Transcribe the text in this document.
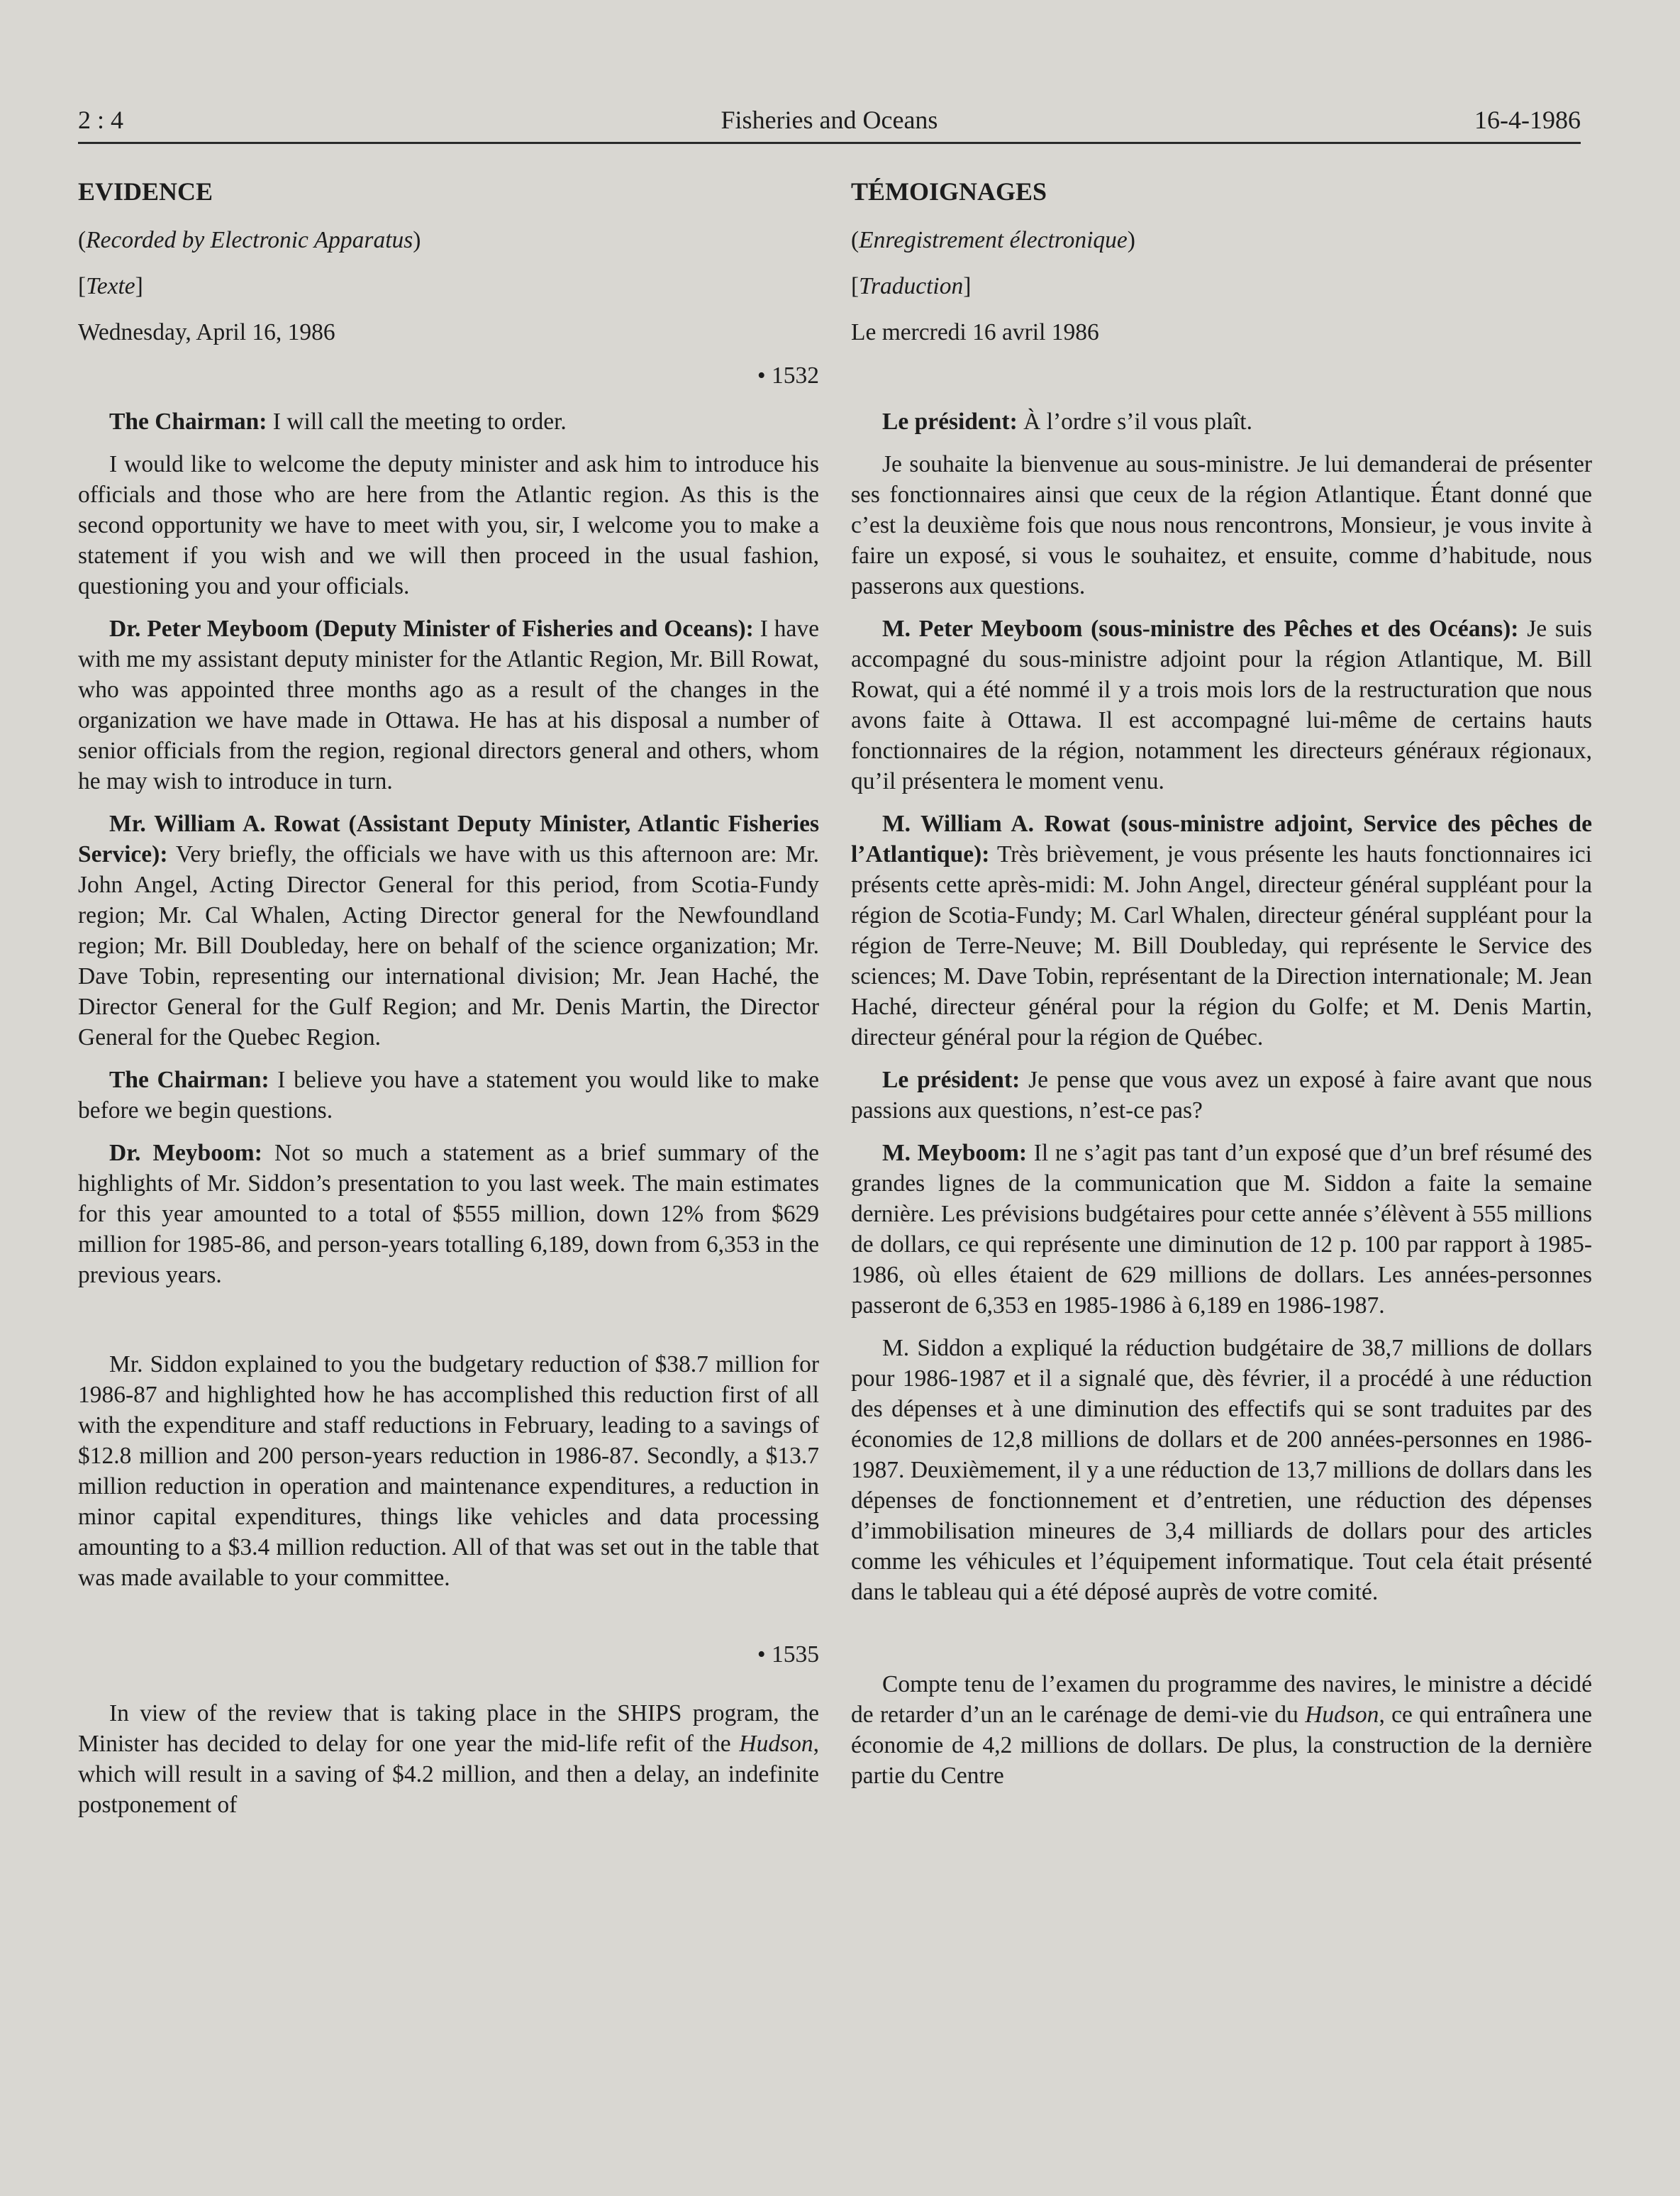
2 : 4	Fisheries and Oceans	16-4-1986

EVIDENCE

(Recorded by Electronic Apparatus)

[Texte]

Wednesday, April 16, 1986

• 1532

The Chairman: I will call the meeting to order.

I would like to welcome the deputy minister and ask him to introduce his officials and those who are here from the Atlantic region. As this is the second opportunity we have to meet with you, sir, I welcome you to make a statement if you wish and we will then proceed in the usual fashion, questioning you and your officials.

Dr. Peter Meyboom (Deputy Minister of Fisheries and Oceans): I have with me my assistant deputy minister for the Atlantic Region, Mr. Bill Rowat, who was appointed three months ago as a result of the changes in the organization we have made in Ottawa. He has at his disposal a number of senior officials from the region, regional directors general and others, whom he may wish to introduce in turn.

Mr. William A. Rowat (Assistant Deputy Minister, Atlantic Fisheries Service): Very briefly, the officials we have with us this afternoon are: Mr. John Angel, Acting Director General for this period, from Scotia-Fundy region; Mr. Cal Whalen, Acting Director general for the Newfoundland region; Mr. Bill Doubleday, here on behalf of the science organization; Mr. Dave Tobin, representing our international division; Mr. Jean Haché, the Director General for the Gulf Region; and Mr. Denis Martin, the Director General for the Quebec Region.

The Chairman: I believe you have a statement you would like to make before we begin questions.

Dr. Meyboom: Not so much a statement as a brief summary of the highlights of Mr. Siddon’s presentation to you last week. The main estimates for this year amounted to a total of $555 million, down 12% from $629 million for 1985-86, and person-years totalling 6,189, down from 6,353 in the previous years.

Mr. Siddon explained to you the budgetary reduction of $38.7 million for 1986-87 and highlighted how he has accomplished this reduction first of all with the expenditure and staff reductions in February, leading to a savings of $12.8 million and 200 person-years reduction in 1986-87. Secondly, a $13.7 million reduction in operation and maintenance expenditures, a reduction in minor capital expenditures, things like vehicles and data processing amounting to a $3.4 million reduction. All of that was set out in the table that was made available to your committee.

• 1535

In view of the review that is taking place in the SHIPS program, the Minister has decided to delay for one year the mid-life refit of the Hudson, which will result in a saving of $4.2 million, and then a delay, an indefinite postponement of

TÉMOIGNAGES

(Enregistrement électronique)

[Traduction]

Le mercredi 16 avril 1986

Le président: À l’ordre s’il vous plaît.

Je souhaite la bienvenue au sous-ministre. Je lui demanderai de présenter ses fonctionnaires ainsi que ceux de la région Atlantique. Étant donné que c’est la deuxième fois que nous nous rencontrons, Monsieur, je vous invite à faire un exposé, si vous le souhaitez, et ensuite, comme d’habitude, nous passerons aux questions.

M. Peter Meyboom (sous-ministre des Pêches et des Océans): Je suis accompagné du sous-ministre adjoint pour la région Atlantique, M. Bill Rowat, qui a été nommé il y a trois mois lors de la restructuration que nous avons faite à Ottawa. Il est accompagné lui-même de certains hauts fonctionnaires de la région, notamment les directeurs généraux régionaux, qu’il présentera le moment venu.

M. William A. Rowat (sous-ministre adjoint, Service des pêches de l’Atlantique): Très brièvement, je vous présente les hauts fonctionnaires ici présents cette après-midi: M. John Angel, directeur général suppléant pour la région de Scotia-Fundy; M. Carl Whalen, directeur général suppléant pour la région de Terre-Neuve; M. Bill Doubleday, qui représente le Service des sciences; M. Dave Tobin, représentant de la Direction internationale; M. Jean Haché, directeur général pour la région du Golfe; et M. Denis Martin, directeur général pour la région de Québec.

Le président: Je pense que vous avez un exposé à faire avant que nous passions aux questions, n’est-ce pas?

M. Meyboom: Il ne s’agit pas tant d’un exposé que d’un bref résumé des grandes lignes de la communication que M. Siddon a faite la semaine dernière. Les prévisions budgétaires pour cette année s’élèvent à 555 millions de dollars, ce qui représente une diminution de 12 p. 100 par rapport à 1985-1986, où elles étaient de 629 millions de dollars. Les années-personnes passeront de 6,353 en 1985-1986 à 6,189 en 1986-1987.

M. Siddon a expliqué la réduction budgétaire de 38,7 millions de dollars pour 1986-1987 et il a signalé que, dès février, il a procédé à une réduction des dépenses et à une diminution des effectifs qui se sont traduites par des économies de 12,8 millions de dollars et de 200 années-personnes en 1986-1987. Deuxièmement, il y a une réduction de 13,7 millions de dollars dans les dépenses de fonctionnement et d’entretien, une réduction des dépenses d’immobilisation mineures de 3,4 milliards de dollars pour des articles comme les véhicules et l’équipement informatique. Tout cela était présenté dans le tableau qui a été déposé auprès de votre comité.

Compte tenu de l’examen du programme des navires, le ministre a décidé de retarder d’un an le carénage de demi-vie du Hudson, ce qui entraînera une économie de 4,2 millions de dollars. De plus, la construction de la dernière partie du Centre
